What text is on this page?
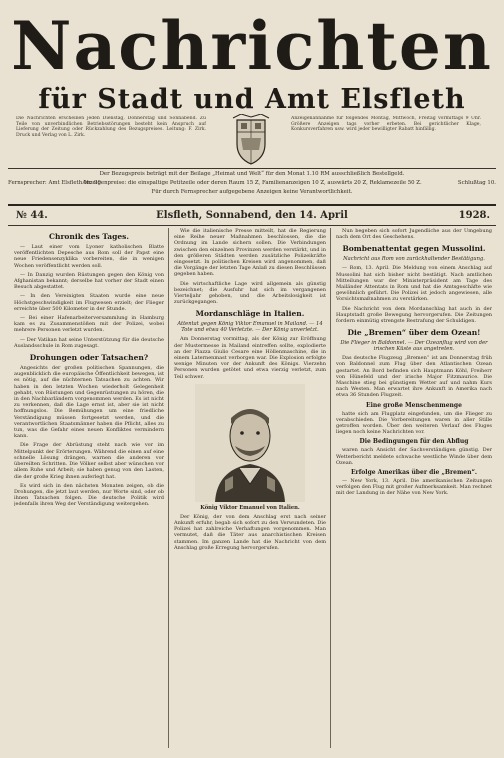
Nachrichten
für Stadt und Amt Elsfleth
Die Nachrichten erscheinen jeden Dienstag, Donnerstag und Sonnabend. Zu Teile von unverbindlichen Betriebsstörungen besteht kein Anspruch auf Lieferung der Zeitung oder Rückzahlung des Bezugspreises. Leitung: F. Zirk. Druck und Verlag von L. Zirk.
Anzeigenannahme für folgendes Montag, Mittwoch, Freitag vormittags 9 Uhr. Größere Anzeigen tags vorher erbeten. Bei gerichtlicher Klage, Konkursverfahren usw. wird jeder bewilligter Rabatt hinfällig.
Der Bezugspreis beträgt mit der Beilage „Heimat und Welt“ für den Monat 1.10 RM ausschließlich Bestellgeld.
Fernsprecher: Amt Elsfleth Nr. 90
Anzeigenpreise: die einspaltige Petitzeile oder deren Raum 15 Z, Familienanzeigen 10 Z, auswärts 20 Z, Reklamezeile 50 Z.	Schlußtag 10.
Für durch Fernsprecher aufgegebene Anzeigen keine Verantwortlichkeit.
№ 44.	Elsfleth, Sonnabend, den 14. April	1928.
Chronik des Tages.

— Laut einer vom Lyoner katholischen Blatte veröffentlichten Depesche aus Rom soll der Papst eine neue Friedensenzyklika vorbereiten, die in wenigen Wochen veröffentlicht werden soll.

— In Danzig wurden Rüstungen gegen den König von Afghanistan bekannt; derselbe hat vorher der Stadt einen Besuch abgestattet.

— In den Vereinigten Staaten wurde eine neue Höchstgeschwindigkeit im Flugwesen erzielt; der Flieger erreichte über 500 Kilometer in der Stunde.

— Bei einer Hafenarbeiterversammlung in Hamburg kam es zu Zusammenstößen mit der Polizei, wobei mehrere Personen verletzt wurden.

— Der Vatikan hat seine Unterstützung für die deutsche Auslandsschule in Rom zugesagt.

Drohungen oder Tatsachen?

Angesichts der großen politischen Spannungen, die augenblicklich die europäische Öffentlichkeit bewegen, ist es nötig, auf die nüchternen Tatsachen zu achten. Wir haben in den letzten Wochen wiederholt Gelegenheit gehabt, von Rüstungen und Gegenrüstungen zu hören, die in den Nachbarländern vorgenommen werden. Es ist nicht zu verkennen, daß die Lage ernst ist, aber sie ist nicht hoffnungslos. Die Bemühungen um eine friedliche Verständigung müssen fortgesetzt werden, und die verantwortlichen Staatsmänner haben die Pflicht, alles zu tun, was die Gefahr eines neuen Konfliktes vermindern kann.

Die Frage der Abrüstung steht nach wie vor im Mittelpunkt der Erörterungen. Während die einen auf eine schnelle Lösung drängen, warnen die anderen vor übereilten Schritten. Die Völker selbst aber wünschen vor allem Ruhe und Arbeit; sie haben genug von den Lasten, die der große Krieg ihnen auferlegt hat.

Es wird sich in den nächsten Monaten zeigen, ob die Drohungen, die jetzt laut werden, nur Worte sind, oder ob ihnen Tatsachen folgen. Die deutsche Politik wird jedenfalls ihren Weg der Verständigung weitergehen.

Wie die italienische Presse mitteilt, hat die Regierung eine Reihe neuer Maßnahmen beschlossen, die die Ordnung im Lande sichern sollen. Die Verbindungen zwischen den einzelnen Provinzen werden verstärkt, und in den größeren Städten werden zusätzliche Polizeikräfte eingesetzt. In politischen Kreisen wird angenommen, daß die Vorgänge der letzten Tage Anlaß zu diesen Beschlüssen gegeben haben.

Die wirtschaftliche Lage wird allgemein als günstig bezeichnet; die Ausfuhr hat sich im vergangenen Vierteljahr gehoben, und die Arbeitslosigkeit ist zurückgegangen.

Mordanschläge in Italien.
Attentat gegen König Viktor Emanuel in Mailand. — 14 Tote und etwa 40 Verletzte. — Der König unverletzt.

Am Donnerstag vormittag, als der König zur Eröffnung der Mustermesse in Mailand eintreffen sollte, explodierte an der Piazza Giulio Cesare eine Höllenmaschine, die in einem Laternenmast verborgen war. Die Explosion erfolgte wenige Minuten vor der Ankunft des Königs. Vierzehn Personen wurden getötet und etwa vierzig verletzt, zum Teil schwer.

König Viktor Emanuel von Italien.

Der König, der von dem Anschlag erst nach seiner Ankunft erfuhr, begab sich sofort zu den Verwundeten. Die Polizei hat zahlreiche Verhaftungen vorgenommen. Man vermutet, daß die Täter aus anarchistischen Kreisen stammen. Im ganzen Lande hat die Nachricht von dem Anschlag große Erregung hervorgerufen.

Nun begeben sich sofort Jugendliche aus der Umgebung nach dem Ort des Geschehens.

Bombenattentat gegen Mussolini.
Nachricht aus Rom von zurückhaltender Bestätigung.

— Rom, 13. April. Die Meldung von einem Anschlag auf Mussolini hat sich bisher nicht bestätigt. Nach amtlichen Mitteilungen war der Ministerpräsident am Tage des Mailänder Attentats in Rom und hat die Amtsgeschäfte wie gewöhnlich geführt. Die Polizei ist jedoch angewiesen, alle Vorsichtsmaßnahmen zu verstärken.

Die Nachricht von dem Mordanschlag hat auch in der Hauptstadt große Bewegung hervorgerufen. Die Zeitungen fordern einmütig strengste Bestrafung der Schuldigen.

Die „Bremen“ über dem Ozean!
Die Flieger in Baldonnel. — Der Ozeanflug wird von der irischen Küste aus angetreten.

Das deutsche Flugzeug „Bremen“ ist am Donnerstag früh von Baldonnel zum Flug über den Atlantischen Ozean gestartet. An Bord befinden sich Hauptmann Köhl, Freiherr von Hünefeld und der irische Major Fitzmaurice. Die Maschine stieg bei günstigem Wetter auf und nahm Kurs nach Westen. Man erwartet ihre Ankunft in Amerika nach etwa 36 Stunden Flugzeit.

Eine große Menschenmenge

hatte sich am Flugplatz eingefunden, um die Flieger zu verabschieden. Die Vorbereitungen waren in aller Stille getroffen worden. Über den weiteren Verlauf des Fluges liegen noch keine Nachrichten vor.

Die Bedingungen für den Abflug

waren nach Ansicht der Sachverständigen günstig. Der Wetterbericht meldete schwache westliche Winde über dem Ozean.

Erfolge Amerikas über die „Bremen“.

— New York, 13. April. Die amerikanischen Zeitungen verfolgen den Flug mit großer Aufmerksamkeit. Man rechnet mit der Landung in der Nähe von New York.
